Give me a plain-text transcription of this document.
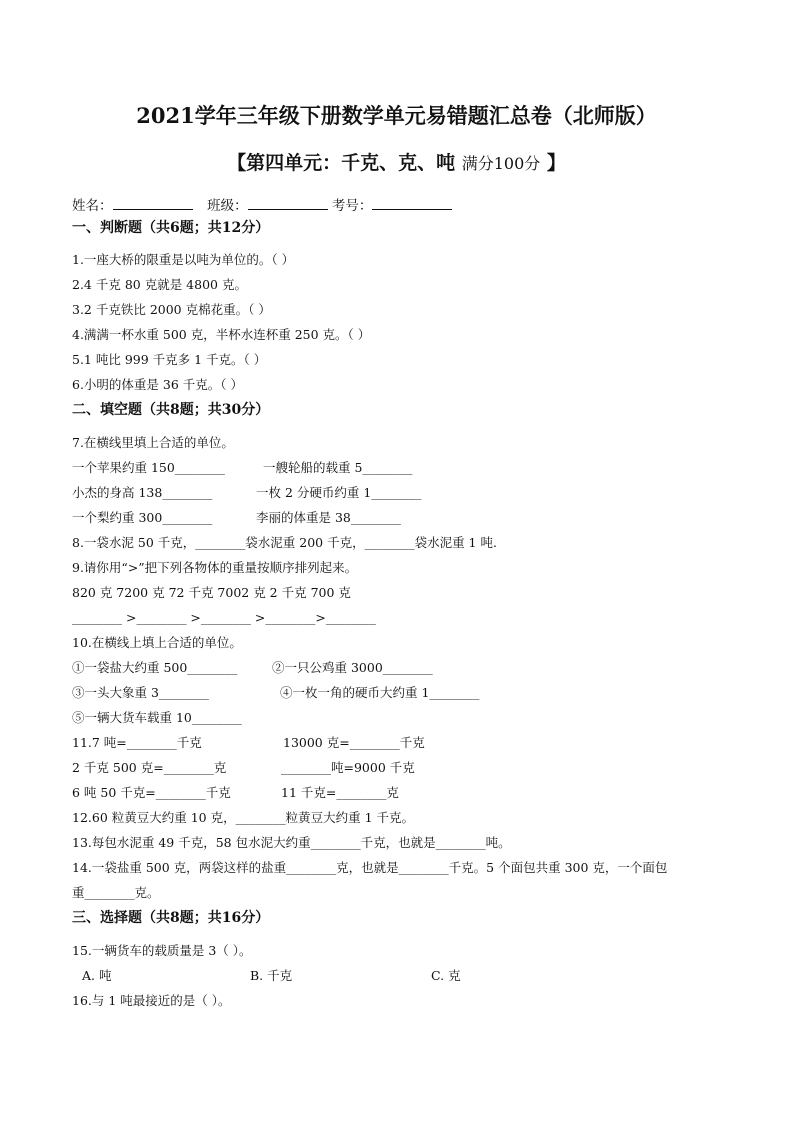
2021学年三年级下册数学单元易错题汇总卷（北师版）
【第四单元：千克、克、吨 满分100分 】
姓名：	班级：	考号：
一、判断题（共6题；共12分）
1.一座大桥的限重是以吨为单位的。（ ）
2.4 千克 80 克就是 4800 克。
3.2 千克铁比 2000 克棉花重。（ ）
4.满满一杯水重 500 克，半杯水连杯重 250 克。（ ）
5.1 吨比 999 千克多 1 千克。（ ）
6.小明的体重是 36 千克。（ ）
二、填空题（共8题；共30分）
7.在横线里填上合适的单位。
一个苹果约重 150________	一艘轮船的载重 5________
小杰的身高 138________	一枚 2 分硬币约重 1________
一个梨约重 300________	李丽的体重是 38________
8.一袋水泥 50 千克，________袋水泥重 200 千克，________袋水泥重 1 吨.
9.请你用“>”把下列各物体的重量按顺序排列起来。
820 克 7200 克 72 千克 7002 克 2 千克 700 克
________ >________ >________ >________>________
10.在横线上填上合适的单位。
①一袋盐大约重 500________	②一只公鸡重 3000________
③一头大象重 3________	④一枚一角的硬币大约重 1________
⑤一辆大货车载重 10________
11.7 吨=________千克	13000 克=________千克
2 千克 500 克=________克	________吨=9000 千克
6 吨 50 千克=________千克	11 千克=________克
12.60 粒黄豆大约重 10 克，________粒黄豆大约重 1 千克。
13.每包水泥重 49 千克，58 包水泥大约重________千克，也就是________吨。
14.一袋盐重 500 克，两袋这样的盐重________克，也就是________千克。5 个面包共重 300 克，一个面包
重________克。
三、选择题（共8题；共16分）
15.一辆货车的载质量是 3（ ）。
A. 吨	B. 千克	C. 克
16.与 1 吨最接近的是（ ）。
